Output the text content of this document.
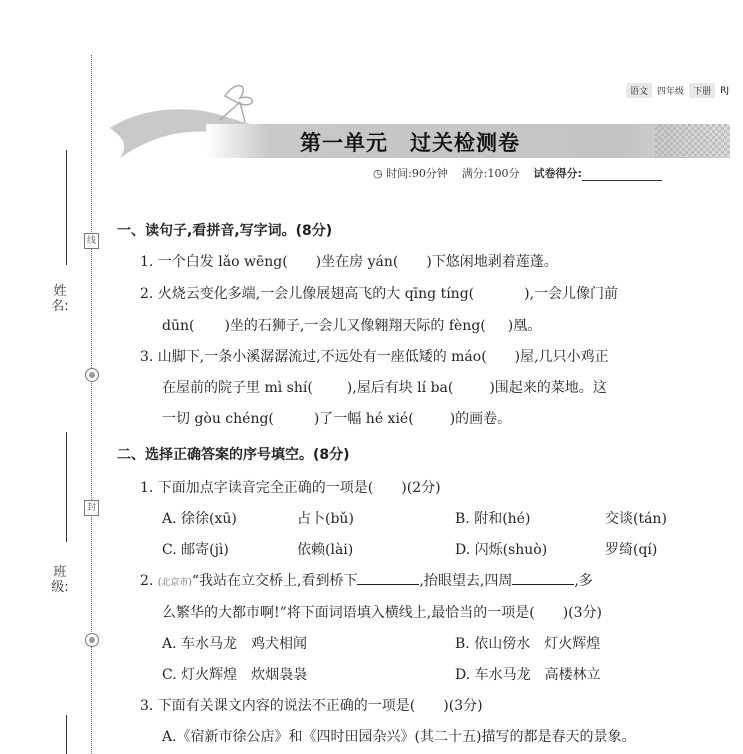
姓名:
线
班级:
封
语文	四年级	下册	RJ
第一单元　过关检测卷
◷ 时间:90分钟 满分:100分 试卷得分:
一、读句子,看拼音,写字词。(8分)
1. 一个白发 lǎo wēng( )坐在房 yán( )下悠闲地剥着莲蓬。
2. 火烧云变化多端,一会儿像展翅高飞的大 qīng tíng(	),一会儿像门前
dūn( )坐的石狮子,一会儿又像翱翔天际的 fèng( )凰。
3. 山脚下,一条小溪潺潺流过,不远处有一座低矮的 máo( )屋,几只小鸡正
在屋前的院子里 mì shí( ),屋后有块 lí ba(	)围起来的菜地。这
一切 gòu chéng(	)了一幅 hé xié(	)的画卷。
二、选择正确答案的序号填空。(8分)
1. 下面加点字读音完全正确的一项是(　　)(2分)
A. 徐徐(xū)	占卜(bǔ)	B. 附和(hé)	交谈(tán)
C. 邮寄(jì)	依赖(lài)	D. 闪烁(shuò)	罗绮(qí)
2. (北京市)“我站在立交桥上,看到桥下	,抬眼望去,四周	,多
么繁华的大都市啊!”将下面词语填入横线上,最恰当的一项是(　　)(3分)
A. 车水马龙　鸡犬相闻	B. 依山傍水　灯火辉煌
C. 灯火辉煌　炊烟袅袅	D. 车水马龙　高楼林立
3. 下面有关课文内容的说法不正确的一项是(　　)(3分)
A.《宿新市徐公店》和《四时田园杂兴》(其二十五)描写的都是春天的景象。
